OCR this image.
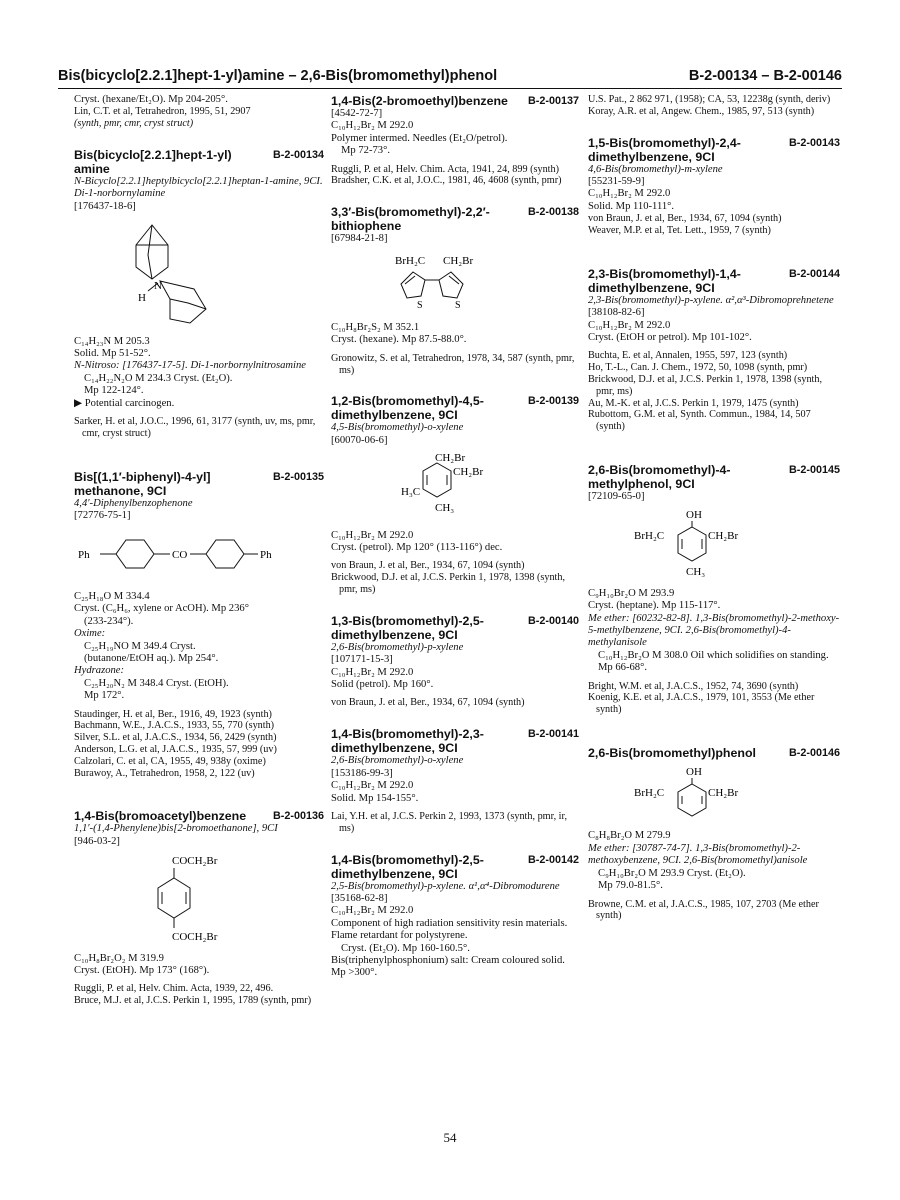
Bis(bicyclo[2.2.1]hept-1-yl)amine – 2,6-Bis(bromomethyl)phenol	B-2-00134 – B-2-00146
Cryst. (hexane/Et₂O). Mp 204-205°.
Lin, C.T. et al, Tetrahedron, 1995, 51, 2907
(synth, pmr, cmr, cryst struct)
Bis(bicyclo[2.2.1]hept-1-yl)
amine
B-2-00134
N-Bicyclo[2.2.1]heptylbicyclo[2.2.1]heptan-1-amine, 9CI. Di-1-norbornylamine
[176437-18-6]
N
H
C₁₄H₂₃N M 205.3
Solid. Mp 51-52°.
N-Nitroso: [176437-17-5]. Di-1-norbornylnitrosamine
C₁₄H₂₂N₂O M 234.3 Cryst. (Et₂O).
Mp 122-124°.
▶ Potential carcinogen.
Sarker, H. et al, J.O.C., 1996, 61, 3177 (synth, uv, ms, pmr, cmr, cryst struct)
Bis[(1,1′-biphenyl)-4-yl]
methanone, 9CI
B-2-00135
4,4′-Diphenylbenzophenone
[72776-75-1]
Ph	CO	Ph
C₂₅H₁₈O M 334.4
Cryst. (C₆H₆, xylene or AcOH). Mp 236°
(233-234°).
Oxime:
C₂₅H₁₉NO M 349.4 Cryst.
(butanone/EtOH aq.). Mp 254°.
Hydrazone:
C₂₅H₂₀N₂ M 348.4 Cryst. (EtOH).
Mp 172°.
Staudinger, H. et al, Ber., 1916, 49, 1923 (synth)
Bachmann, W.E., J.A.C.S., 1933, 55, 770 (synth)
Silver, S.L. et al, J.A.C.S., 1934, 56, 2429 (synth)
Anderson, L.G. et al, J.A.C.S., 1935, 57, 999 (uv)
Calzolari, C. et al, CA, 1955, 49, 938y (oxime)
Burawoy, A., Tetrahedron, 1958, 2, 122 (uv)
1,4-Bis(bromoacetyl)benzene B-2-00136
1,1′-(1,4-Phenylene)bis[2-bromoethanone], 9CI
[946-03-2]
COCH₂Br
COCH₂Br
C₁₀H₈Br₂O₂ M 319.9
Cryst. (EtOH). Mp 173° (168°).
Ruggli, P. et al, Helv. Chim. Acta, 1939, 22, 496.
Bruce, M.J. et al, J.C.S. Perkin 1, 1995, 1789 (synth, pmr)
1,4-Bis(2-bromoethyl)benzene B-2-00137
[4542-72-7]
C₁₀H₁₂Br₂ M 292.0
Polymer intermed. Needles (Et₂O/petrol).
Mp 72-73°.
Ruggli, P. et al, Helv. Chim. Acta, 1941, 24, 899 (synth)
Bradsher, C.K. et al, J.O.C., 1981, 46, 4608 (synth, pmr)
3,3′-Bis(bromomethyl)-2,2′-
bithiophene
B-2-00138
[67984-21-8]
BrH₂C CH₂Br
S	S
C₁₀H₈Br₂S₂ M 352.1
Cryst. (hexane). Mp 87.5-88.0°.
Gronowitz, S. et al, Tetrahedron, 1978, 34, 587 (synth, pmr, ms)
1,2-Bis(bromomethyl)-4,5-
dimethylbenzene, 9CI
B-2-00139
4,5-Bis(bromomethyl)-o-xylene
[60070-06-6]
CH₂Br
CH₂Br
H₃C
CH₃
C₁₀H₁₂Br₂ M 292.0
Cryst. (petrol). Mp 120° (113-116°) dec.
von Braun, J. et al, Ber., 1934, 67, 1094 (synth)
Brickwood, D.J. et al, J.C.S. Perkin 1, 1978, 1398 (synth, pmr, ms)
1,3-Bis(bromomethyl)-2,5-
dimethylbenzene, 9CI
B-2-00140
2,6-Bis(bromomethyl)-p-xylene
[107171-15-3]
C₁₀H₁₂Br₂ M 292.0
Solid (petrol). Mp 160°.
von Braun, J. et al, Ber., 1934, 67, 1094 (synth)
1,4-Bis(bromomethyl)-2,3-
dimethylbenzene, 9CI
B-2-00141
2,6-Bis(bromomethyl)-o-xylene
[153186-99-3]
C₁₀H₁₂Br₂ M 292.0
Solid. Mp 154-155°.
Lai, Y.H. et al, J.C.S. Perkin 2, 1993, 1373 (synth, pmr, ir, ms)
1,4-Bis(bromomethyl)-2,5-
dimethylbenzene, 9CI
B-2-00142
2,5-Bis(bromomethyl)-p-xylene. α¹,α⁴-Dibromodurene
[35168-62-8]
C₁₀H₁₂Br₂ M 292.0
Component of high radiation sensitivity resin materials. Flame retardant for polystyrene.
Cryst. (Et₂O). Mp 160-160.5°.
Bis(triphenylphosphonium) salt: Cream coloured solid. Mp >300°.
U.S. Pat., 2 862 971, (1958); CA, 53, 12238g (synth, deriv)
Koray, A.R. et al, Angew. Chem., 1985, 97, 513 (synth)
1,5-Bis(bromomethyl)-2,4-
dimethylbenzene, 9CI
B-2-00143
4,6-Bis(bromomethyl)-m-xylene
[55231-59-9]
C₁₀H₁₂Br₂ M 292.0
Solid. Mp 110-111°.
von Braun, J. et al, Ber., 1934, 67, 1094 (synth)
Weaver, M.P. et al, Tet. Lett., 1959, 7 (synth)
2,3-Bis(bromomethyl)-1,4-
dimethylbenzene, 9CI
B-2-00144
2,3-Bis(bromomethyl)-p-xylene. α²,α³-Dibromoprehnetene
[38108-82-6]
C₁₀H₁₂Br₂ M 292.0
Cryst. (EtOH or petrol). Mp 101-102°.
Buchta, E. et al, Annalen, 1955, 597, 123 (synth)
Ho, T.-L., Can. J. Chem., 1972, 50, 1098 (synth, pmr)
Brickwood, D.J. et al, J.C.S. Perkin 1, 1978, 1398 (synth, pmr, ms)
Au, M.-K. et al, J.C.S. Perkin 1, 1979, 1475 (synth)
Rubottom, G.M. et al, Synth. Commun., 1984, 14, 507 (synth)
2,6-Bis(bromomethyl)-4-
methylphenol, 9CI
B-2-00145
[72109-65-0]
OH
BrH₂C	CH₂Br
CH₃
C₉H₁₀Br₂O M 293.9
Cryst. (heptane). Mp 115-117°.
Me ether: [60232-82-8]. 1,3-Bis(bromomethyl)-2-methoxy-5-methylbenzene, 9CI. 2,6-Bis(bromomethyl)-4-methylanisole
C₁₀H₁₂Br₂O M 308.0 Oil which solidifies on standing. Mp 66-68°.
Bright, W.M. et al, J.A.C.S., 1952, 74, 3690 (synth)
Koenig, K.E. et al, J.A.C.S., 1979, 101, 3553 (Me ether synth)
2,6-Bis(bromomethyl)phenol	B-2-00146
OH
BrH₂C	CH₂Br
C₈H₈Br₂O M 279.9
Me ether: [30787-74-7]. 1,3-Bis(bromomethyl)-2-methoxybenzene, 9CI. 2,6-Bis(bromomethyl)anisole
C₉H₁₀Br₂O M 293.9 Cryst. (Et₂O).
Mp 79.0-81.5°.
Browne, C.M. et al, J.A.C.S., 1985, 107, 2703 (Me ether synth)
54
